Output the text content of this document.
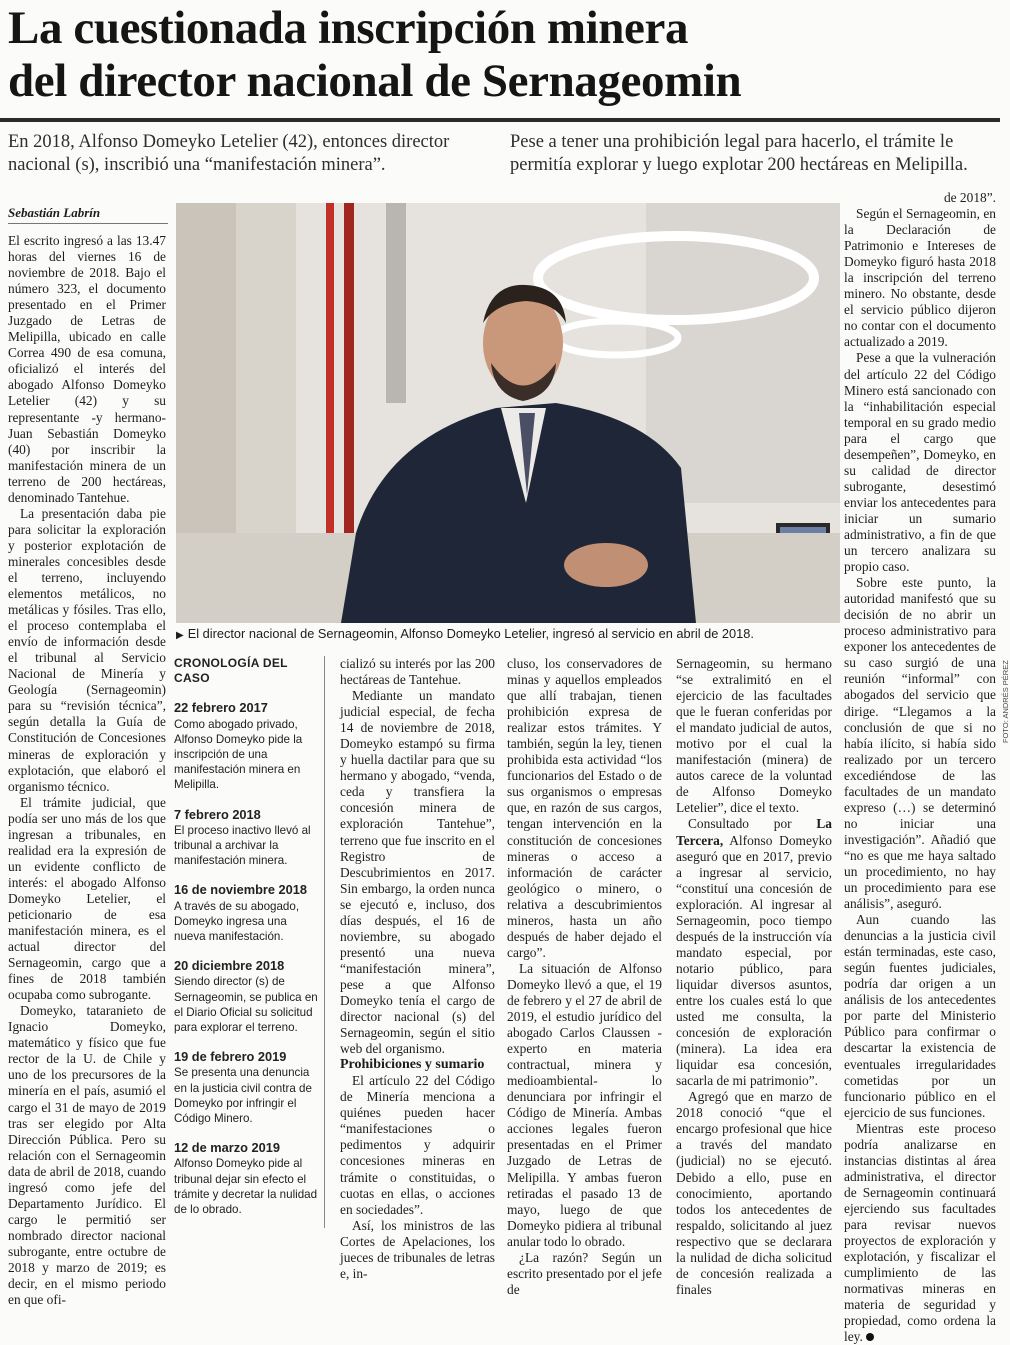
La cuestionada inscripción minera
del director nacional de Sernageomin
En 2018, Alfonso Domeyko Letelier (42), entonces director nacional (s), inscribió una “manifestación minera”.
Pese a tener una prohibición legal para hacerlo, el trámite le permitía explorar y luego explotar 200 hectáreas en Melipilla.
Sebastián Labrín

El escrito ingresó a las 13.47 horas del viernes 16 de noviembre de 2018. Bajo el número 323, el documento presentado en el Primer Juzgado de Letras de Melipilla, ubicado en calle Correa 490 de esa comuna, oficializó el interés del abogado Alfonso Domeyko Letelier (42) y su representante -y hermano- Juan Sebastián Domeyko (40) por inscribir la manifestación minera de un terreno de 200 hectáreas, denominado Tantehue.

La presentación daba pie para solicitar la exploración y posterior explotación de minerales concesibles desde el terreno, incluyendo elementos metálicos, no metálicas y fósiles. Tras ello, el proceso contemplaba el envío de información desde el tribunal al Servicio Nacional de Minería y Geología (Sernageomin) para su “revisión técnica”, según detalla la Guía de Constitución de Concesiones mineras de exploración y explotación, que elaboró el organismo técnico.

El trámite judicial, que podía ser uno más de los que ingresan a tribunales, en realidad era la expresión de un evidente conflicto de interés: el abogado Alfonso Domeyko Letelier, el peticionario de esa manifestación minera, es el actual director del Sernageomin, cargo que a fines de 2018 también ocupaba como subrogante.

Domeyko, tataranieto de Ignacio Domeyko, matemático y físico que fue rector de la U. de Chile y uno de los precursores de la minería en el país, asumió el cargo el 31 de mayo de 2019 tras ser elegido por Alta Dirección Pública. Pero su relación con el Sernageomin data de abril de 2018, cuando ingresó como jefe del Departamento Jurídico. El cargo le permitió ser nombrado director nacional subrogante, entre octubre de 2018 y marzo de 2019; es decir, en el mismo periodo en que ofi-

FOTO: ANDRÉS PÉREZ
▶ El director nacional de Sernageomin, Alfonso Domeyko Letelier, ingresó al servicio en abril de 2018.
CRONOLOGÍA DEL CASO
22 febrero 2017
Como abogado privado, Alfonso Domeyko pide la inscripción de una manifestación minera en Melipilla.
7 febrero 2018
El proceso inactivo llevó al tribunal a archivar la manifestación minera.
16 de noviembre 2018
A través de su abogado, Domeyko ingresa una nueva manifestación.
20 diciembre 2018
Siendo director (s) de Sernageomin, se publica en el Diario Oficial su solicitud para explorar el terreno.
19 de febrero 2019
Se presenta una denuncia en la justicia civil contra de Domeyko por infringir el Código Minero.
12 de marzo 2019
Alfonso Domeyko pide al tribunal dejar sin efecto el trámite y decretar la nulidad de lo obrado.

cializó su interés por las 200 hectáreas de Tantehue.

Mediante un mandato judicial especial, de fecha 14 de noviembre de 2018, Domeyko estampó su firma y huella dactilar para que su hermano y abogado, “venda, ceda y transfiera la concesión minera de exploración Tantehue”, terreno que fue inscrito en el Registro de Descubrimientos en 2017. Sin embargo, la orden nunca se ejecutó e, incluso, dos días después, el 16 de noviembre, su abogado presentó una nueva “manifestación minera”, pese a que Alfonso Domeyko tenía el cargo de director nacional (s) del Sernageomin, según el sitio web del organismo.

Prohibiciones y sumario

El artículo 22 del Código de Minería menciona a quiénes pueden hacer “manifestaciones o pedimentos y adquirir concesiones mineras en trámite o constituidas, o cuotas en ellas, o acciones en sociedades”.

Así, los ministros de las Cortes de Apelaciones, los jueces de tribunales de letras e, in-

cluso, los conservadores de minas y aquellos empleados que allí trabajan, tienen prohibición expresa de realizar estos trámites. Y también, según la ley, tienen prohibida esta actividad “los funcionarios del Estado o de sus organismos o empresas que, en razón de sus cargos, tengan intervención en la constitución de concesiones mineras o acceso a información de carácter geológico o minero, o relativa a descubrimientos mineros, hasta un año después de haber dejado el cargo”.

La situación de Alfonso Domeyko llevó a que, el 19 de febrero y el 27 de abril de 2019, el estudio jurídico del abogado Carlos Claussen -experto en materia contractual, minera y medioambiental- lo denunciara por infringir el Código de Minería. Ambas acciones legales fueron presentadas en el Primer Juzgado de Letras de Melipilla. Y ambas fueron retiradas el pasado 13 de mayo, luego de que Domeyko pidiera al tribunal anular todo lo obrado.

¿La razón? Según un escrito presentado por el jefe de

Sernageomin, su hermano “se extralimitó en el ejercicio de las facultades que le fueran conferidas por el mandato judicial de autos, motivo por el cual la manifestación (minera) de autos carece de la voluntad de Alfonso Domeyko Letelier”, dice el texto.

Consultado por La Tercera, Alfonso Domeyko aseguró que en 2017, previo a ingresar al servicio, “constituí una concesión de exploración. Al ingresar al Sernageomin, poco tiempo después de la instrucción vía mandato especial, por notario público, para liquidar diversos asuntos, entre los cuales está lo que usted me consulta, la concesión de exploración (minera). La idea era liquidar esa concesión, sacarla de mi patrimonio”.

Agregó que en marzo de 2018 conoció “que el encargo profesional que hice a través del mandato (judicial) no se ejecutó. Debido a ello, puse en conocimiento, aportando todos los antecedentes de respaldo, solicitando al juez respectivo que se declarara la nulidad de dicha solicitud de concesión realizada a finales

de 2018”.

Según el Sernageomin, en la Declaración de Patrimonio e Intereses de Domeyko figuró hasta 2018 la inscripción del terreno minero. No obstante, desde el servicio público dijeron no contar con el documento actualizado a 2019.

Pese a que la vulneración del artículo 22 del Código Minero está sancionado con la “inhabilitación especial temporal en su grado medio para el cargo que desempeñen”, Domeyko, en su calidad de director subrogante, desestimó enviar los antecedentes para iniciar un sumario administrativo, a fin de que un tercero analizara su propio caso.

Sobre este punto, la autoridad manifestó que su decisión de no abrir un proceso administrativo para exponer los antecedentes de su caso surgió de una reunión “informal” con abogados del servicio que dirige. “Llegamos a la conclusión de que si no había ilícito, si había sido realizado por un tercero excediéndose de las facultades de un mandato expreso (…) se determinó no iniciar una investigación”. Añadió que “no es que me haya saltado un procedimiento, no hay un procedimiento para ese análisis”, aseguró.

Aun cuando las denuncias a la justicia civil están terminadas, este caso, según fuentes judiciales, podría dar origen a un análisis de los antecedentes por parte del Ministerio Público para confirmar o descartar la existencia de eventuales irregularidades cometidas por un funcionario público en el ejercicio de sus funciones.

Mientras este proceso podría analizarse en instancias distintas al área administrativa, el director de Sernageomin continuará ejerciendo sus facultades para revisar nuevos proyectos de exploración y explotación, y fiscalizar el cumplimiento de las normativas mineras en materia de seguridad y propiedad, como ordena la ley.
